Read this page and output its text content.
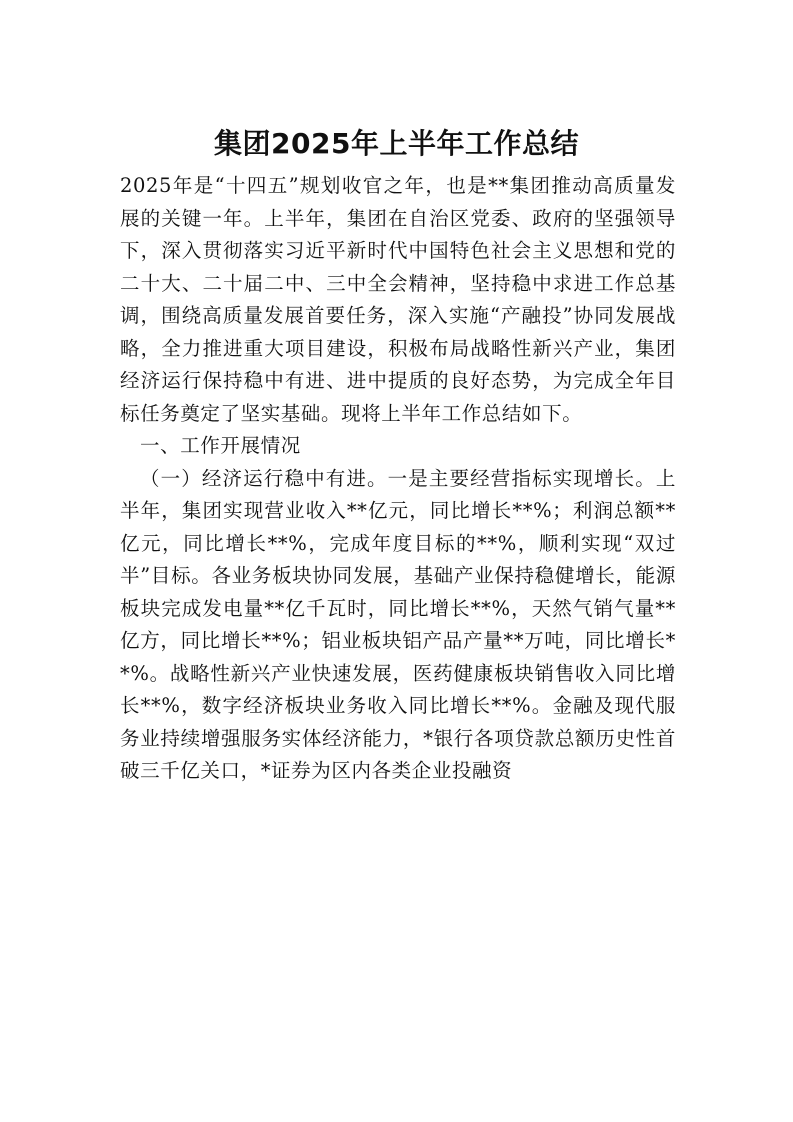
集团2025年上半年工作总结

2025年是“十四五”规划收官之年，也是**集团推动高质量发展的关键一年。上半年，集团在自治区党委、政府的坚强领导下，深入贯彻落实习近平新时代中国特色社会主义思想和党的二十大、二十届二中、三中全会精神，坚持稳中求进工作总基调，围绕高质量发展首要任务，深入实施“产融投”协同发展战略，全力推进重大项目建设，积极布局战略性新兴产业，集团经济运行保持稳中有进、进中提质的良好态势，为完成全年目标任务奠定了坚实基础。现将上半年工作总结如下。

一、工作开展情况

（一）经济运行稳中有进。一是主要经营指标实现增长。上半年，集团实现营业收入**亿元，同比增长**%；利润总额**亿元，同比增长**%，完成年度目标的**%，顺利实现“双过半”目标。各业务板块协同发展，基础产业保持稳健增长，能源板块完成发电量**亿千瓦时，同比增长**%，天然气销气量**亿方，同比增长**%；铝业板块铝产品产量**万吨，同比增长**%。战略性新兴产业快速发展，医药健康板块销售收入同比增长**%，数字经济板块业务收入同比增长**%。金融及现代服务业持续增强服务实体经济能力，*银行各项贷款总额历史性首破三千亿关口，*证券为区内各类企业投融资
